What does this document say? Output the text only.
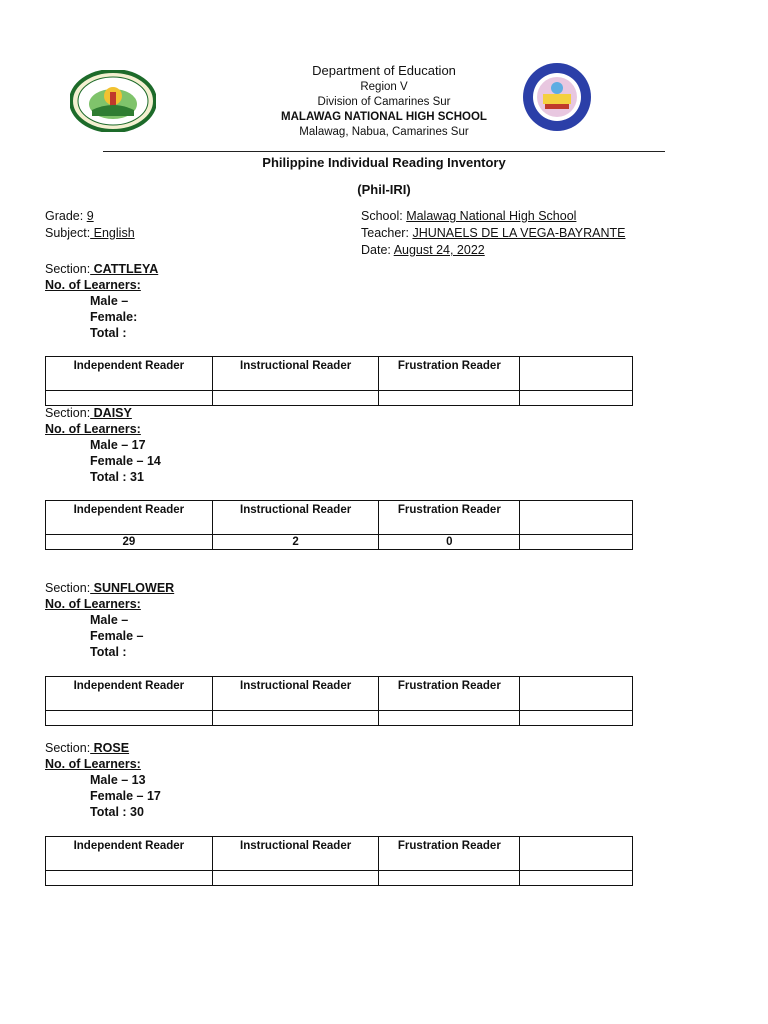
Department of Education
Region V
Division of Camarines Sur
MALAWAG NATIONAL HIGH SCHOOL
Malawag, Nabua, Camarines Sur
Philippine Individual Reading Inventory
(Phil-IRI)
Grade: 9
Subject: English
School: Malawag National High School
Teacher: JHUNAELS DE LA VEGA-BAYRANTE
Date: August 24, 2022
Section: CATTLEYA
No. of Learners:
Male –
Female:
Total :
Independent Reader	Instructional Reader	Frustration Reader	

Section: DAISY
No. of Learners:
Male – 17
Female – 14
Total : 31
Independent Reader	Instructional Reader	Frustration Reader	
29	2	0	
Section: SUNFLOWER
No. of Learners:
Male –
Female –
Total :
Independent Reader	Instructional Reader	Frustration Reader	

Section: ROSE
No. of Learners:
Male – 13
Female – 17
Total : 30
Independent Reader	Instructional Reader	Frustration Reader	
